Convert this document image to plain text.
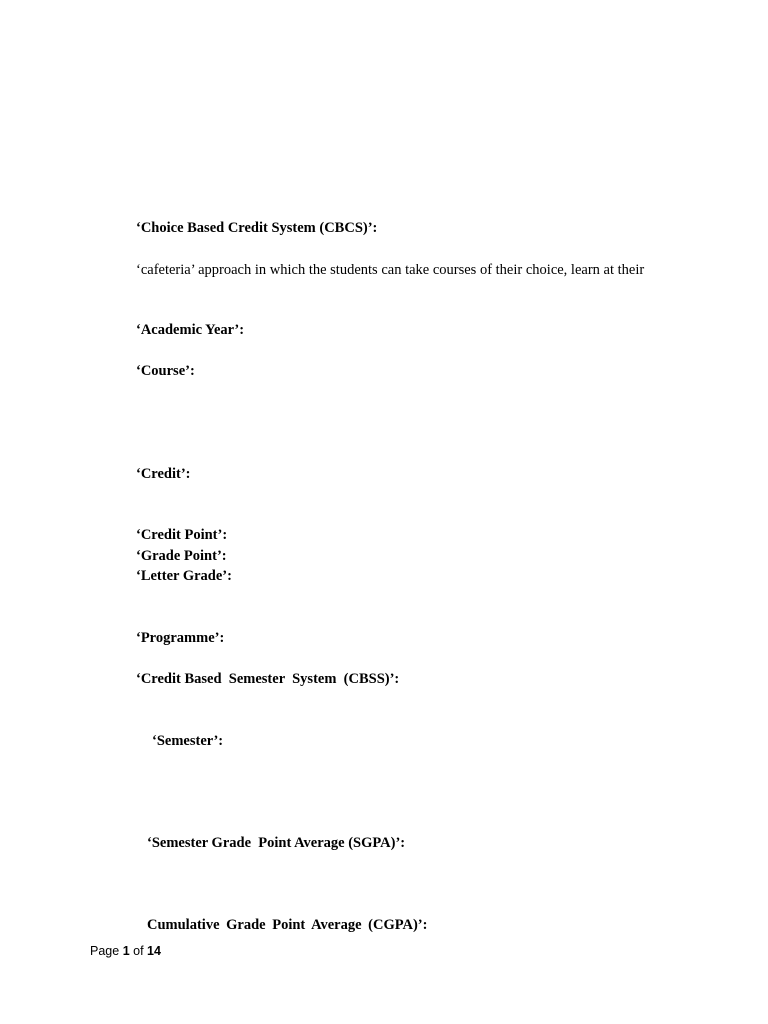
‘Choice Based Credit System (CBCS)’:
‘cafeteria’ approach in which the students can take courses of their choice, learn at their
‘Academic Year’:
‘Course’:
‘Credit’:
‘Credit Point’:
‘Grade Point’:
‘Letter Grade’:
‘Programme’:
‘Credit Based  Semester  System  (CBSS)’:
‘Semester’:
‘Semester Grade  Point Average (SGPA)’:
Cumulative Grade Point Average (CGPA)’:
Page 1 of 14
